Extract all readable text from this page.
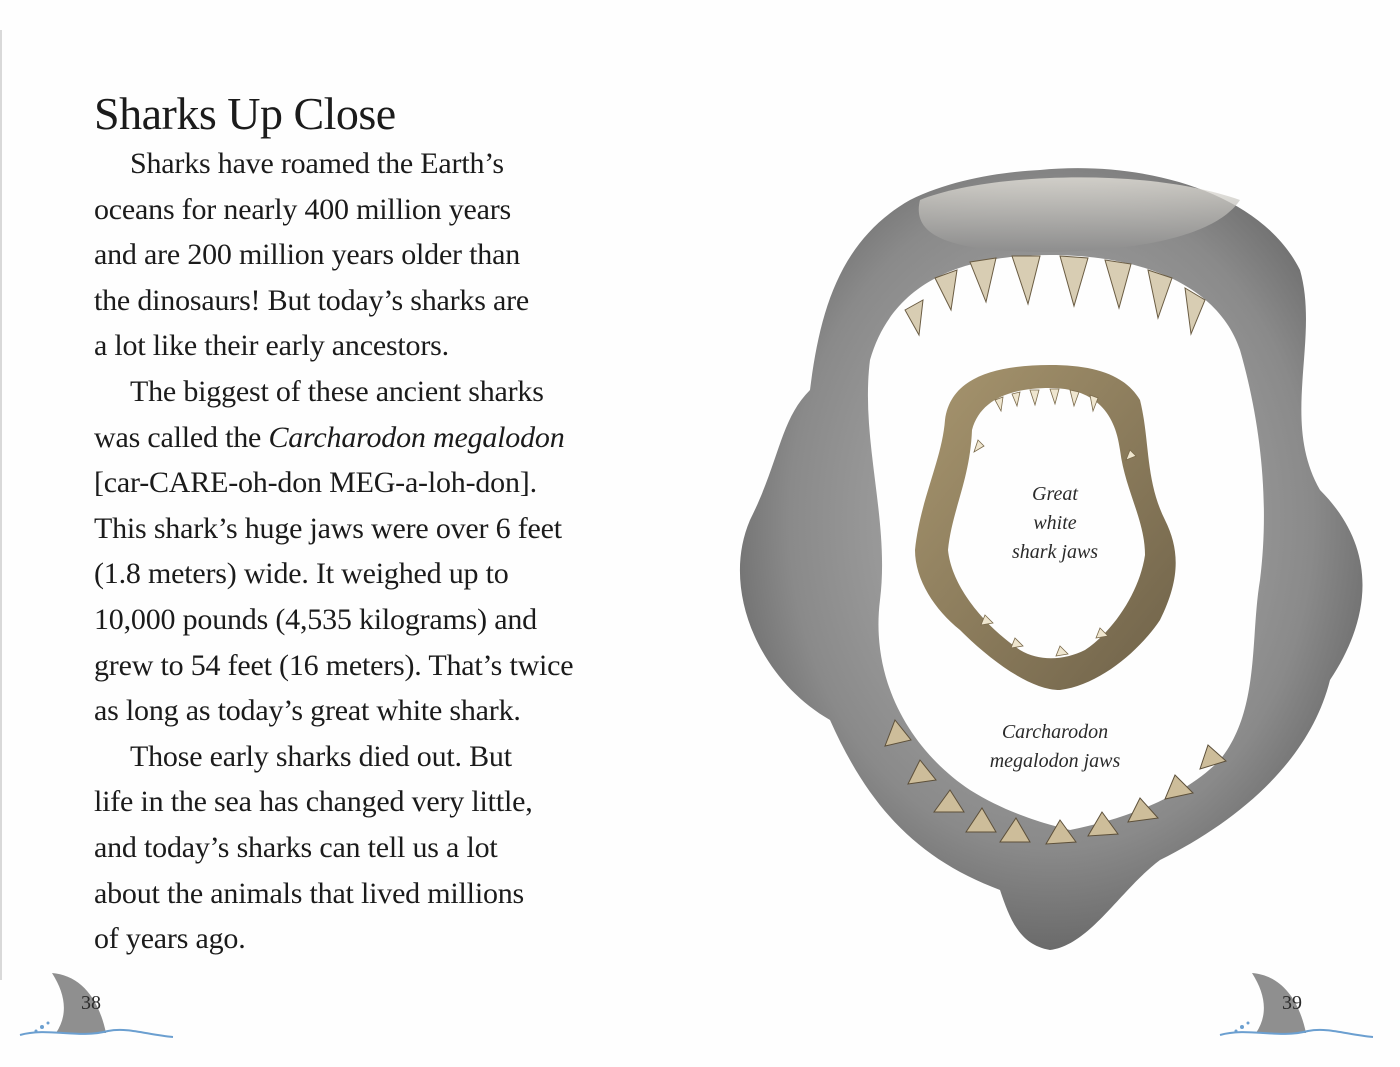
Sharks Up Close
Sharks have roamed the Earth’s
oceans for nearly 400 million years
and are 200 million years older than
the dinosaurs! But today’s sharks are
a lot like their early ancestors.
The biggest of these ancient sharks
was called the Carcharodon megalodon
[car-CARE-oh-don MEG-a-loh-don].
This shark’s huge jaws were over 6 feet
(1.8 meters) wide. It weighed up to
10,000 pounds (4,535 kilograms) and
grew to 54 feet (16 meters). That’s twice
as long as today’s great white shark.
Those early sharks died out. But
life in the sea has changed very little,
and today’s sharks can tell us a lot
about the animals that lived millions
of years ago.
Great
white
shark jaws
Carcharodon
megalodon jaws
38	39
